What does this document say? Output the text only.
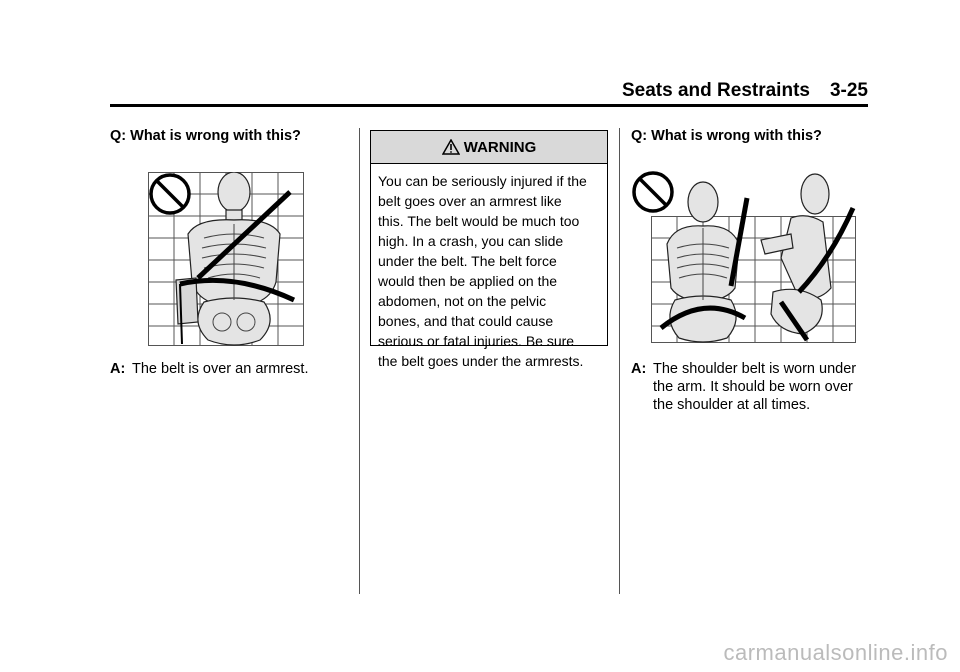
Seats and Restraints 3-25

Q: What is wrong with this?

A: The belt is over an armrest.
WARNING
You can be seriously injured if the
belt goes over an armrest like
this. The belt would be much too
high. In a crash, you can slide
under the belt. The belt force
would then be applied on the
abdomen, not on the pelvic
bones, and that could cause
serious or fatal injuries. Be sure
the belt goes under the armrests.

Q: What is wrong with this?

A: The shoulder belt is worn under
the arm. It should be worn over
the shoulder at all times.
carmanualsonline.info
